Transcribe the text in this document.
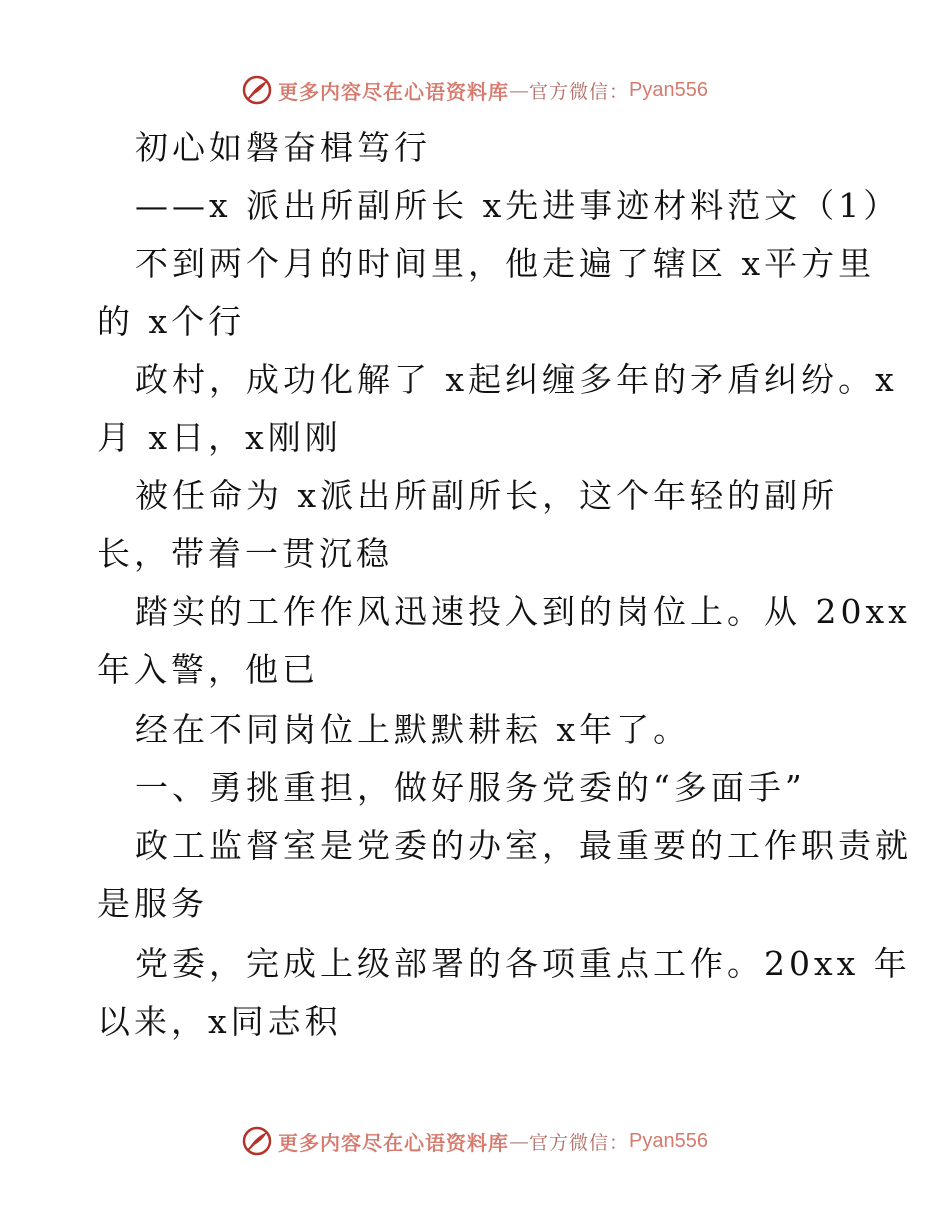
更多内容尽在心语资料库 — 官方微信： Pyan556
初心如磐奋楫笃行
——x 派出所副所长 x先进事迹材料范文（1）
不到两个月的时间里，他走遍了辖区 x平方里
的 x个行
政村，成功化解了 x起纠缠多年的矛盾纠纷。x
月 x日，x刚刚
被任命为 x派出所副所长，这个年轻的副所
长，带着一贯沉稳
踏实的工作作风迅速投入到的岗位上。从 20xx
年入警，他已
经在不同岗位上默默耕耘 x年了。
一、勇挑重担，做好服务党委的“多面手”
政工监督室是党委的办室，最重要的工作职责就
是服务
党委，完成上级部署的各项重点工作。20xx 年
以来，x同志积
更多内容尽在心语资料库 — 官方微信： Pyan556
